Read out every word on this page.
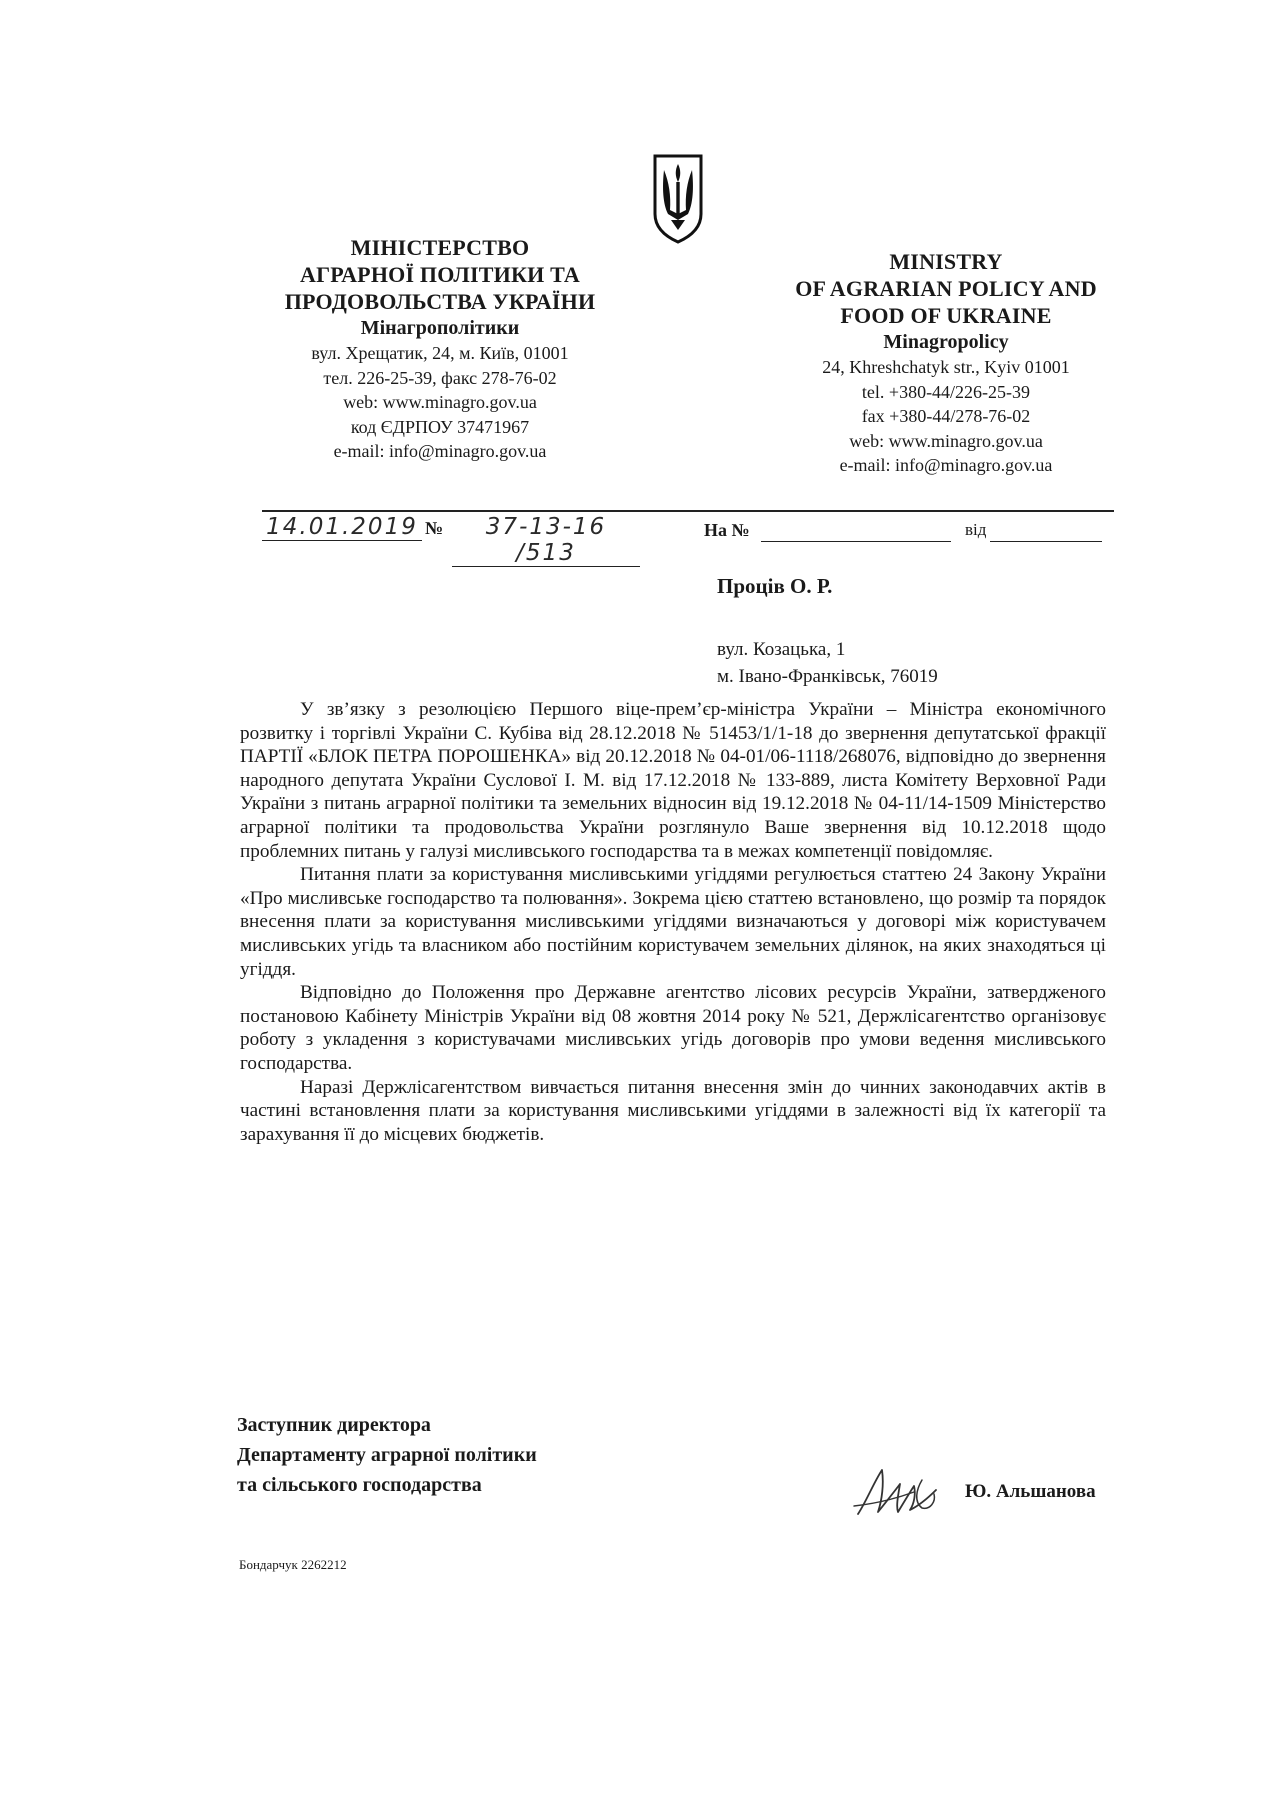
МІНІСТЕРСТВО
АГРАРНОЇ ПОЛІТИКИ ТА
ПРОДОВОЛЬСТВА УКРАЇНИ
Мінагрополітики
вул. Хрещатик, 24, м. Київ, 01001
тел. 226-25-39, факс 278-76-02
web: www.minagro.gov.ua
код ЄДРПОУ 37471967
e-mail: info@minagro.gov.ua
MINISTRY
OF AGRARIAN POLICY AND
FOOD OF UKRAINE
Minagropolicy
24, Khreshchatyk str., Kyiv 01001
tel. +380-44/226-25-39
fax +380-44/278-76-02
web: www.minagro.gov.ua
e-mail: info@minagro.gov.ua
14.01.2019 №	37-13-16 /513
На №	від
Проців О. Р.
вул. Козацька, 1
м. Івано-Франківськ, 76019

У зв’язку з резолюцією Першого віце-прем’єр-міністра України – Міністра економічного розвитку і торгівлі України С. Кубіва від 28.12.2018 № 51453/1/1-18 до звернення депутатської фракції ПАРТІЇ «БЛОК ПЕТРА ПОРОШЕНКА» від 20.12.2018 № 04-01/06-1118/268076, відповідно до звернення народного депутата України Суслової І. М. від 17.12.2018 № 133-889, листа Комітету Верховної Ради України з питань аграрної політики та земельних відносин від 19.12.2018 № 04-11/14-1509 Міністерство аграрної політики та продовольства України розглянуло Ваше звернення від 10.12.2018 щодо проблемних питань у галузі мисливського господарства та в межах компетенції повідомляє.

Питання плати за користування мисливськими угіддями регулюється статтею 24 Закону України «Про мисливське господарство та полювання». Зокрема цією статтею встановлено, що розмір та порядок внесення плати за користування мисливськими угіддями визначаються у договорі між користувачем мисливських угідь та власником або постійним користувачем земельних ділянок, на яких знаходяться ці угіддя.

Відповідно до Положення про Державне агентство лісових ресурсів України, затвердженого постановою Кабінету Міністрів України від 08 жовтня 2014 року № 521, Держлісагентство організовує роботу з укладення з користувачами мисливських угідь договорів про умови ведення мисливського господарства.

Наразі Держлісагентством вивчається питання внесення змін до чинних законодавчих актів в частині встановлення плати за користування мисливськими угіддями в залежності від їх категорії та зарахування її до місцевих бюджетів.

Заступник директора
Департаменту аграрної політики
та сільського господарства	Ю. Альшанова
Бондарчук 2262212
